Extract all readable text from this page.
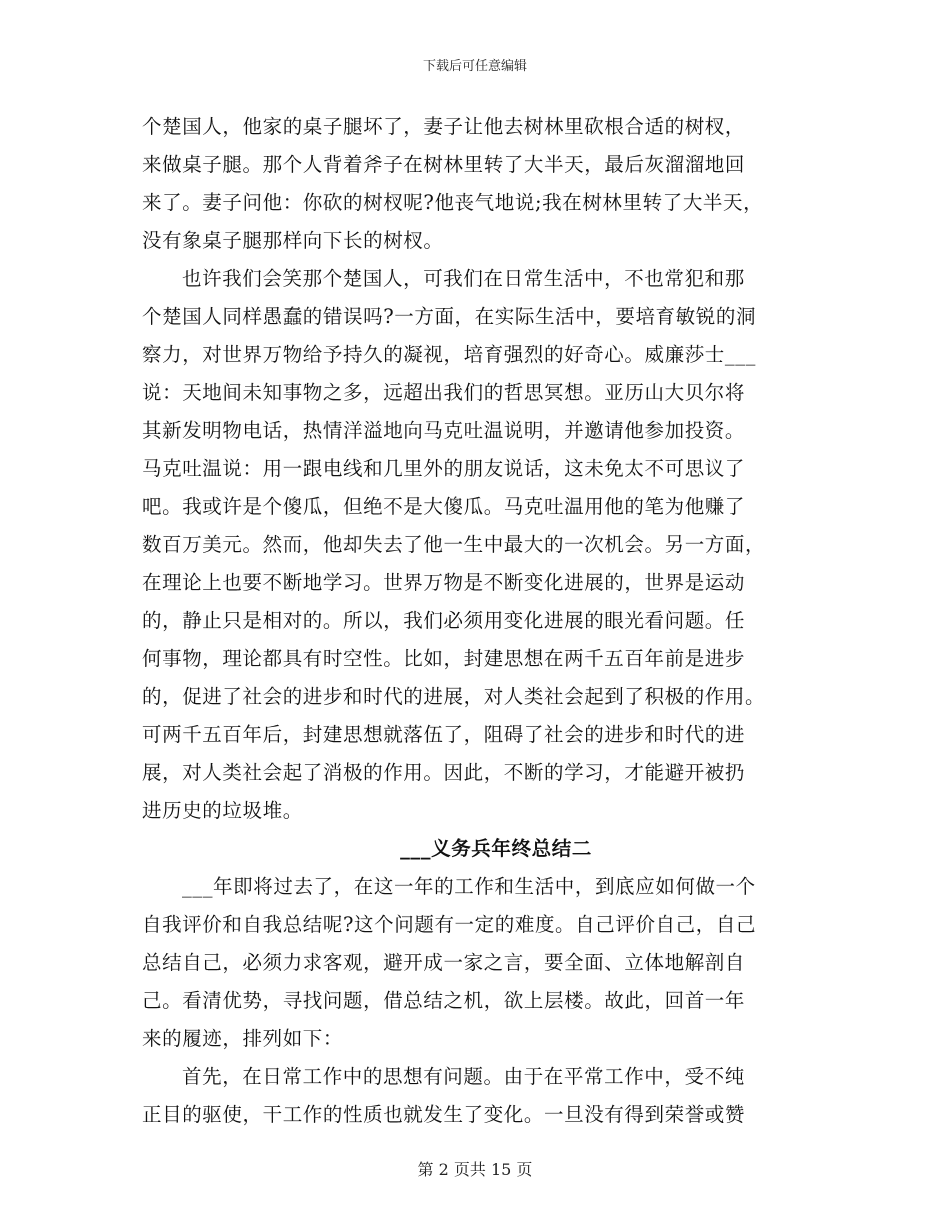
下载后可任意编辑
个楚国人，他家的桌子腿坏了，妻子让他去树林里砍根合适的树杈，
来做桌子腿。那个人背着斧子在树林里转了大半天，最后灰溜溜地回
来了。妻子问他：你砍的树杈呢?他丧气地说;我在树林里转了大半天，
没有象桌子腿那样向下长的树杈。
也许我们会笑那个楚国人，可我们在日常生活中，不也常犯和那
个楚国人同样愚蠢的错误吗?一方面，在实际生活中，要培育敏锐的洞
察力，对世界万物给予持久的凝视，培育强烈的好奇心。威廉莎士___
说：天地间未知事物之多，远超出我们的哲思冥想。亚历山大贝尔将
其新发明物电话，热情洋溢地向马克吐温说明，并邀请他参加投资。
马克吐温说：用一跟电线和几里外的朋友说话，这未免太不可思议了
吧。我或许是个傻瓜，但绝不是大傻瓜。马克吐温用他的笔为他赚了
数百万美元。然而，他却失去了他一生中最大的一次机会。另一方面，
在理论上也要不断地学习。世界万物是不断变化进展的，世界是运动
的，静止只是相对的。所以，我们必须用变化进展的眼光看问题。任
何事物，理论都具有时空性。比如，封建思想在两千五百年前是进步
的，促进了社会的进步和时代的进展，对人类社会起到了积极的作用。
可两千五百年后，封建思想就落伍了，阻碍了社会的进步和时代的进
展，对人类社会起了消极的作用。因此，不断的学习，才能避开被扔
进历史的垃圾堆。
___义务兵年终总结二
___年即将过去了，在这一年的工作和生活中，到底应如何做一个
自我评价和自我总结呢?这个问题有一定的难度。自己评价自己，自己
总结自己，必须力求客观，避开成一家之言，要全面、立体地解剖自
己。看清优势，寻找问题，借总结之机，欲上层楼。故此，回首一年
来的履迹，排列如下：
首先，在日常工作中的思想有问题。由于在平常工作中，受不纯
正目的驱使，干工作的性质也就发生了变化。一旦没有得到荣誉或赞
第 2 页共 15 页
